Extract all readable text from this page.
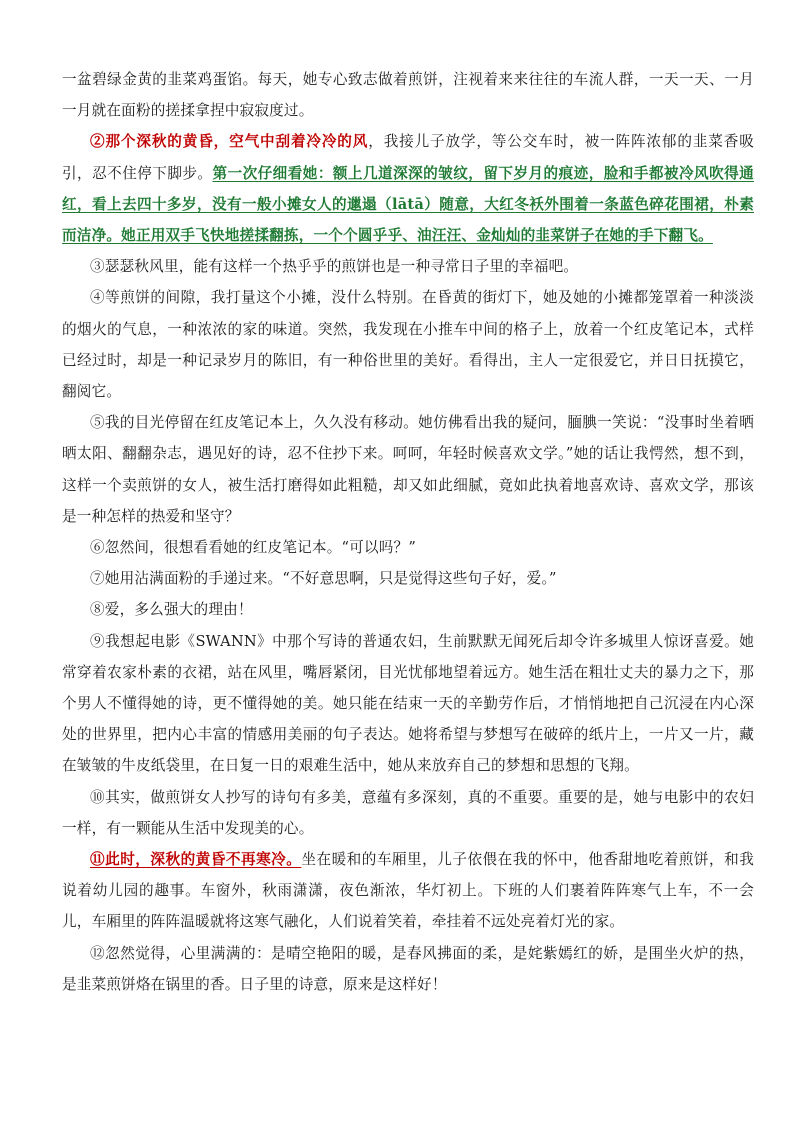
一盆碧绿金黄的韭菜鸡蛋馅。每天，她专心致志做着煎饼，注视着来来往往的车流人群，一天一天、一月一月就在面粉的搓揉拿捏中寂寂度过。

②那个深秋的黄昏，空气中刮着冷冷的风，我接儿子放学，等公交车时，被一阵阵浓郁的韭菜香吸引，忍不住停下脚步。第一次仔细看她：额上几道深深的皱纹，留下岁月的痕迹，脸和手都被冷风吹得通红，看上去四十多岁，没有一般小摊女人的邋遢（lātā）随意，大红冬袄外围着一条蓝色碎花围裙，朴素而洁净。她正用双手飞快地搓揉翻拣，一个个圆乎乎、油汪汪、金灿灿的韭菜饼子在她的手下翻飞。

③瑟瑟秋风里，能有这样一个热乎乎的煎饼也是一种寻常日子里的幸福吧。

④等煎饼的间隙，我打量这个小摊，没什么特别。在昏黄的街灯下，她及她的小摊都笼罩着一种淡淡的烟火的气息，一种浓浓的家的味道。突然，我发现在小推车中间的格子上，放着一个红皮笔记本，式样已经过时，却是一种记录岁月的陈旧，有一种俗世里的美好。看得出，主人一定很爱它，并日日抚摸它，翻阅它。

⑤我的目光停留在红皮笔记本上，久久没有移动。她仿佛看出我的疑问，腼腆一笑说：“没事时坐着晒晒太阳、翻翻杂志，遇见好的诗，忍不住抄下来。呵呵，年轻时候喜欢文学。”她的话让我愕然，想不到，这样一个卖煎饼的女人，被生活打磨得如此粗糙，却又如此细腻，竟如此执着地喜欢诗、喜欢文学，那该是一种怎样的热爱和坚守？

⑥忽然间，很想看看她的红皮笔记本。“可以吗？”

⑦她用沾满面粉的手递过来。“不好意思啊，只是觉得这些句子好，爱。”

⑧爱，多么强大的理由！

⑨我想起电影《SWANN》中那个写诗的普通农妇，生前默默无闻死后却令许多城里人惊讶喜爱。她常穿着农家朴素的衣裙，站在风里，嘴唇紧闭，目光忧郁地望着远方。她生活在粗壮丈夫的暴力之下，那个男人不懂得她的诗，更不懂得她的美。她只能在结束一天的辛勤劳作后，才悄悄地把自己沉浸在内心深处的世界里，把内心丰富的情感用美丽的句子表达。她将希望与梦想写在破碎的纸片上，一片又一片，藏在皱皱的牛皮纸袋里，在日复一日的艰难生活中，她从来放弃自己的梦想和思想的飞翔。

⑩其实，做煎饼女人抄写的诗句有多美，意蕴有多深刻，真的不重要。重要的是，她与电影中的农妇一样，有一颗能从生活中发现美的心。

⑪此时，深秋的黄昏不再寒冷。坐在暖和的车厢里，儿子依偎在我的怀中，他香甜地吃着煎饼，和我说着幼儿园的趣事。车窗外，秋雨潇潇，夜色渐浓，华灯初上。下班的人们裹着阵阵寒气上车，不一会儿，车厢里的阵阵温暖就将这寒气融化，人们说着笑着，牵挂着不远处亮着灯光的家。

⑫忽然觉得，心里满满的：是晴空艳阳的暖，是春风拂面的柔，是姹紫嫣红的娇，是围坐火炉的热，是韭菜煎饼烙在锅里的香。日子里的诗意，原来是这样好！
